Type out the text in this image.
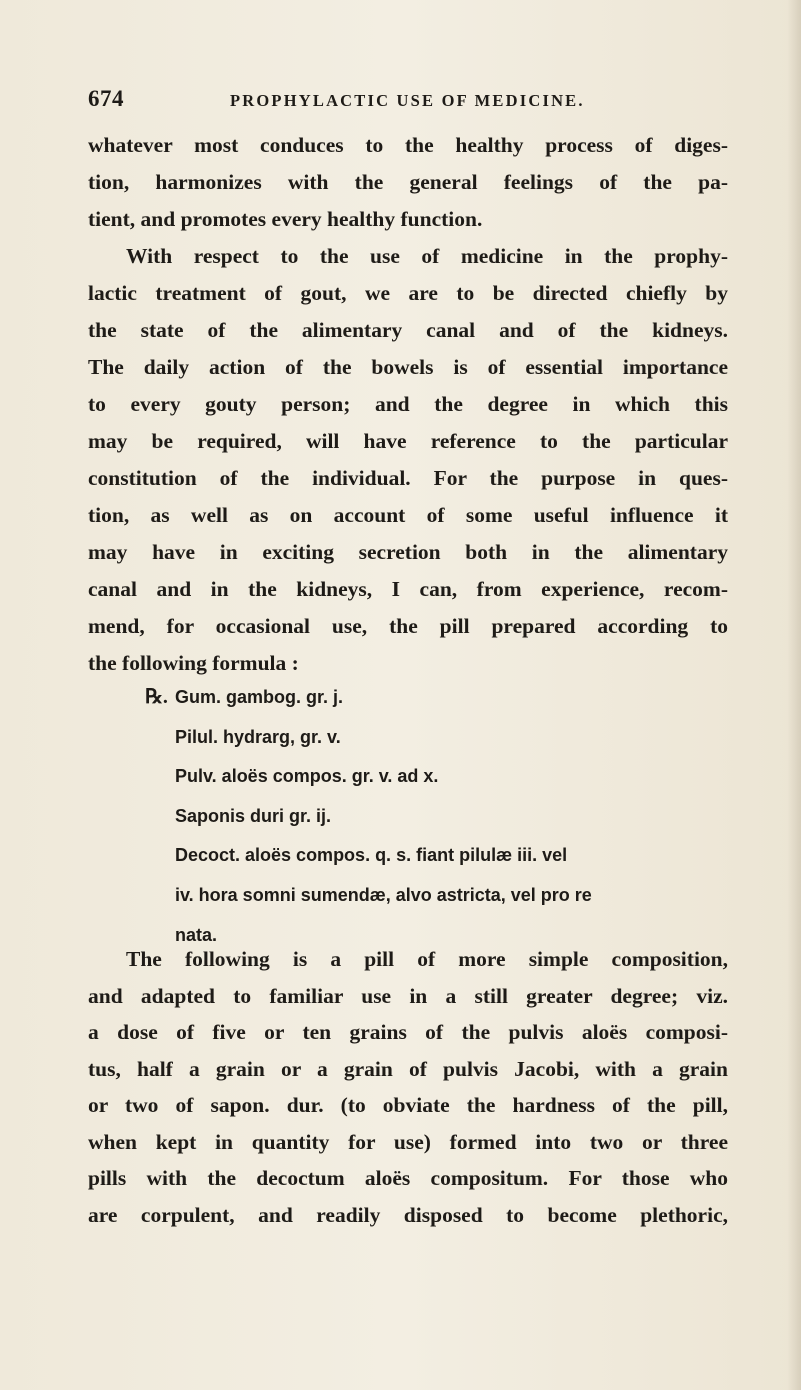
674	PROPHYLACTIC USE OF MEDICINE.
whatever most conduces to the healthy process of diges-
tion, harmonizes with the general feelings of the pa-
tient, and promotes every healthy function.
With respect to the use of medicine in the prophy-
lactic treatment of gout, we are to be directed chiefly by
the state of the alimentary canal and of the kidneys.
The daily action of the bowels is of essential importance
to every gouty person; and the degree in which this
may be required, will have reference to the particular
constitution of the individual. For the purpose in ques-
tion, as well as on account of some useful influence it
may have in exciting secretion both in the alimentary
canal and in the kidneys, I can, from experience, recom-
mend, for occasional use, the pill prepared according to
the following formula :
℞. Gum. gambog. gr. j.
Pilul. hydrarg, gr. v.
Pulv. aloës compos. gr. v. ad x.
Saponis duri gr. ij.
Decoct. aloës compos. q. s. fiant pilulæ iii. vel
iv. hora somni sumendæ, alvo astricta, vel pro re
nata.
The following is a pill of more simple composition,
and adapted to familiar use in a still greater degree; viz.
a dose of five or ten grains of the pulvis aloës composi-
tus, half a grain or a grain of pulvis Jacobi, with a grain
or two of sapon. dur. (to obviate the hardness of the pill,
when kept in quantity for use) formed into two or three
pills with the decoctum aloës compositum. For those who
are corpulent, and readily disposed to become plethoric,
